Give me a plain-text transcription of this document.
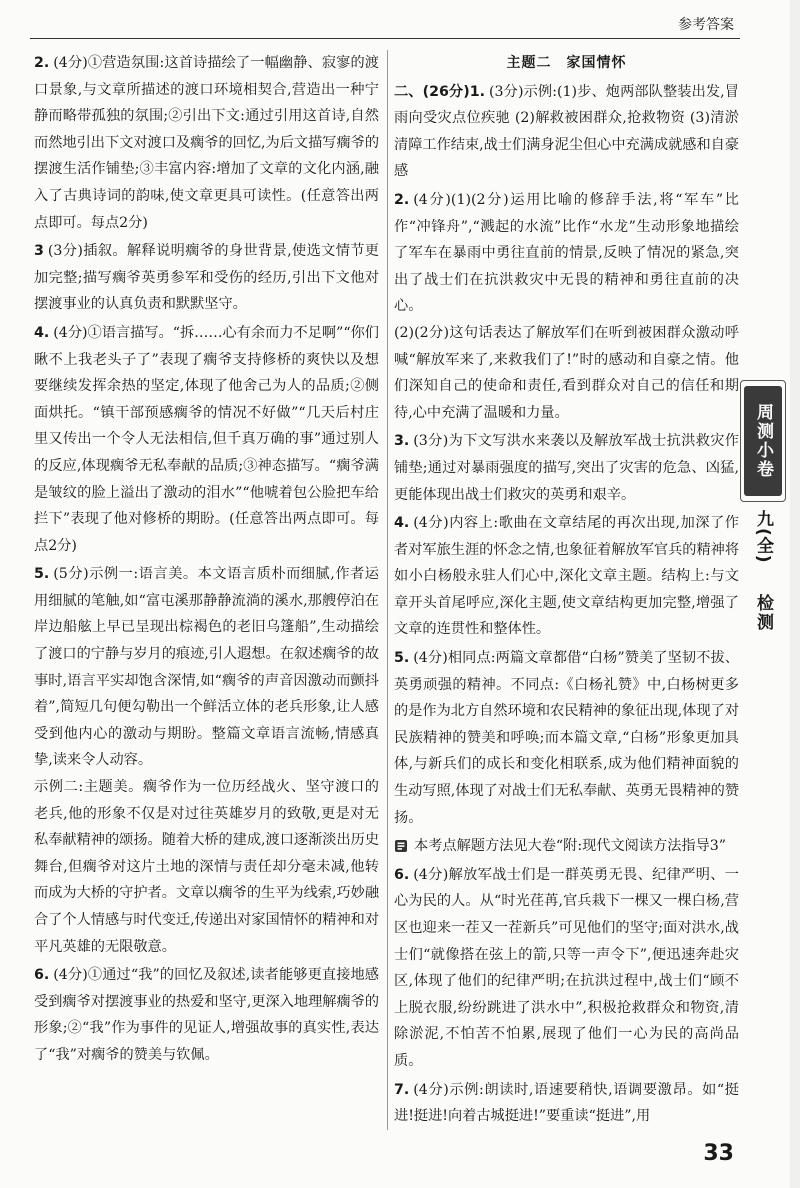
参考答案

2. (4分)①营造氛围:这首诗描绘了一幅幽静、寂寥的渡口景象,与文章所描述的渡口环境相契合,营造出一种宁静而略带孤独的氛围;②引出下文:通过引用这首诗,自然而然地引出下文对渡口及瘸爷的回忆,为后文描写瘸爷的摆渡生活作铺垫;③丰富内容:增加了文章的文化内涵,融入了古典诗词的韵味,使文章更具可读性。(任意答出两点即可。每点2分)

3 (3分)插叙。解释说明瘸爷的身世背景,使选文情节更加完整;描写瘸爷英勇参军和受伤的经历,引出下文他对摆渡事业的认真负责和默默坚守。

4. (4分)①语言描写。“拆……心有余而力不足啊”“你们瞅不上我老头子了”表现了瘸爷支持修桥的爽快以及想要继续发挥余热的坚定,体现了他舍己为人的品质;②侧面烘托。“镇干部预感瘸爷的情况不好做”“几天后村庄里又传出一个令人无法相信,但千真万确的事”通过别人的反应,体现瘸爷无私奉献的品质;③神态描写。“瘸爷满是皱纹的脸上溢出了激动的泪水”“他唬着包公脸把车给拦下”表现了他对修桥的期盼。(任意答出两点即可。每点2分)

5. (5分)示例一:语言美。本文语言质朴而细腻,作者运用细腻的笔触,如“富屯溪那静静流淌的溪水,那艘停泊在岸边船舷上早已呈现出棕褐色的老旧乌篷船”,生动描绘了渡口的宁静与岁月的痕迹,引人遐想。在叙述瘸爷的故事时,语言平实却饱含深情,如“瘸爷的声音因激动而颤抖着”,简短几句便勾勒出一个鲜活立体的老兵形象,让人感受到他内心的激动与期盼。整篇文章语言流畅,情感真挚,读来令人动容。

示例二:主题美。瘸爷作为一位历经战火、坚守渡口的老兵,他的形象不仅是对过往英雄岁月的致敬,更是对无私奉献精神的颂扬。随着大桥的建成,渡口逐渐淡出历史舞台,但瘸爷对这片土地的深情与责任却分毫未减,他转而成为大桥的守护者。文章以瘸爷的生平为线索,巧妙融合了个人情感与时代变迁,传递出对家国情怀的精神和对平凡英雄的无限敬意。

6. (4分)①通过“我”的回忆及叙述,读者能够更直接地感受到瘸爷对摆渡事业的热爱和坚守,更深入地理解瘸爷的形象;②“我”作为事件的见证人,增强故事的真实性,表达了“我”对瘸爷的赞美与钦佩。

主题二　家国情怀

二、(26分)1. (3分)示例:(1)步、炮两部队整装出发,冒雨向受灾点位疾驰 (2)解救被困群众,抢救物资 (3)清淤清障工作结束,战士们满身泥尘但心中充满成就感和自豪感

2. (4分)(1)(2分)运用比喻的修辞手法,将“军车”比作“冲锋舟”,“溅起的水流”比作“水龙”生动形象地描绘了军车在暴雨中勇往直前的情景,反映了情况的紧急,突出了战士们在抗洪救灾中无畏的精神和勇往直前的决心。

(2)(2分)这句话表达了解放军们在听到被困群众激动呼喊“解放军来了,来救我们了!”时的感动和自豪之情。他们深知自己的使命和责任,看到群众对自己的信任和期待,心中充满了温暖和力量。

3. (3分)为下文写洪水来袭以及解放军战士抗洪救灾作铺垫;通过对暴雨强度的描写,突出了灾害的危急、凶猛,更能体现出战士们救灾的英勇和艰辛。

4. (4分)内容上:歌曲在文章结尾的再次出现,加深了作者对军旅生涯的怀念之情,也象征着解放军官兵的精神将如小白杨般永驻人们心中,深化文章主题。结构上:与文章开头首尾呼应,深化主题,使文章结构更加完整,增强了文章的连贯性和整体性。

5. (4分)相同点:两篇文章都借“白杨”赞美了坚韧不拔、英勇顽强的精神。不同点:《白杨礼赞》中,白杨树更多的是作为北方自然环境和农民精神的象征出现,体现了对民族精神的赞美和呼唤;而本篇文章,“白杨”形象更加具体,与新兵们的成长和变化相联系,成为他们精神面貌的生动写照,体现了对战士们无私奉献、英勇无畏精神的赞扬。

本考点解题方法见大卷“附:现代文阅读方法指导3”

6. (4分)解放军战士们是一群英勇无畏、纪律严明、一心为民的人。从“时光荏苒,官兵栽下一棵又一棵白杨,营区也迎来一茬又一茬新兵”可见他们的坚守;面对洪水,战士们“就像搭在弦上的箭,只等一声令下”,便迅速奔赴灾区,体现了他们的纪律严明;在抗洪过程中,战士们“顾不上脱衣服,纷纷跳进了洪水中”,积极抢救群众和物资,清除淤泥,不怕苦不怕累,展现了他们一心为民的高尚品质。

7. (4分)示例:朗读时,语速要稍快,语调要激昂。如“挺进!挺进!向着古城挺进!”要重读“挺进”,用

周测小卷
九(全)
检测
33
